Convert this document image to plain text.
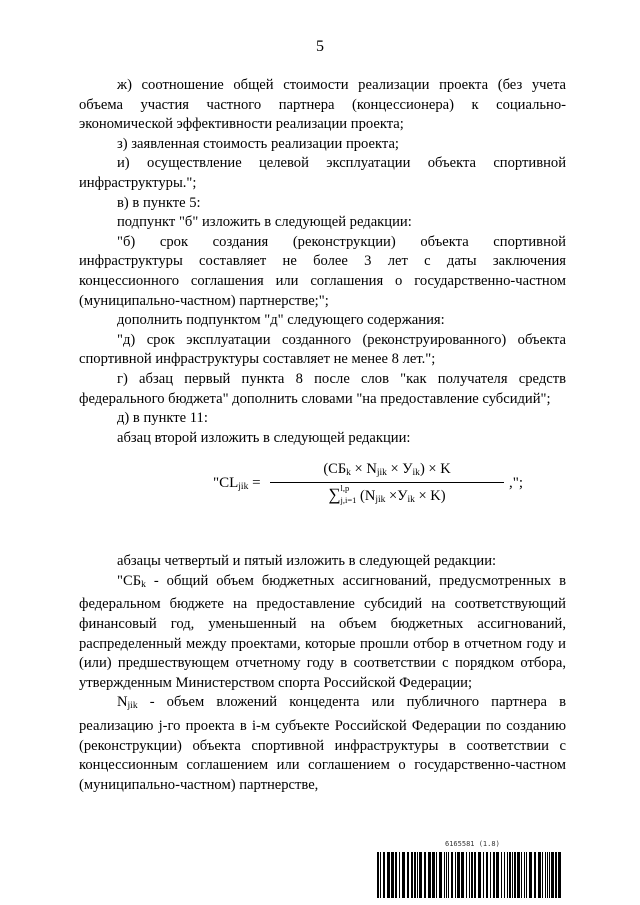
5

ж) соотношение общей стоимости реализации проекта (без учета объема участия частного партнера (концессионера) к социально-экономической эффективности реализации проекта;

з) заявленная стоимость реализации проекта;

и) осуществление целевой эксплуатации объекта спортивной инфраструктуры.";

в) в пункте 5:

подпункт "б" изложить в следующей редакции:

"б) срок создания (реконструкции) объекта спортивной инфраструктуры составляет не более 3 лет с даты заключения концессионного соглашения или соглашения о государственно-частном (муниципально-частном) партнерстве;";

дополнить подпунктом "д" следующего содержания:

"д) срок эксплуатации созданного (реконструированного) объекта спортивной инфраструктуры составляет не менее 8 лет.";

г) абзац первый пункта 8 после слов "как получателя средств федерального бюджета" дополнить словами "на предоставление субсидий";

д) в пункте 11:

абзац второй изложить в следующей редакции:

"$CL_{jik}$ =
$(СБ_k \times N_{jik} \times У_{ik}) \times K$
∑ l,p
j,i=1 $(N_{jik} \times У_{ik} \times K)$
,";

абзацы четвертый и пятый изложить в следующей редакции:

"$СБ_k$ - общий объем бюджетных ассигнований, предусмотренных в федеральном бюджете на предоставление субсидий на соответствующий финансовый год, уменьшенный на объем бюджетных ассигнований, распределенный между проектами, которые прошли отбор в отчетном году и (или) предшествующем отчетному году в соответствии с порядком отбора, утвержденным Министерством спорта Российской Федерации;

$N_{jik}$ - объем вложений концедента или публичного партнера в реализацию j-го проекта в i-м субъекте Российской Федерации по созданию (реконструкции) объекта спортивной инфраструктуры в соответствии с концессионным соглашением или соглашением о государственно-частном (муниципально-частном) партнерстве,

6165581 (1.8)
